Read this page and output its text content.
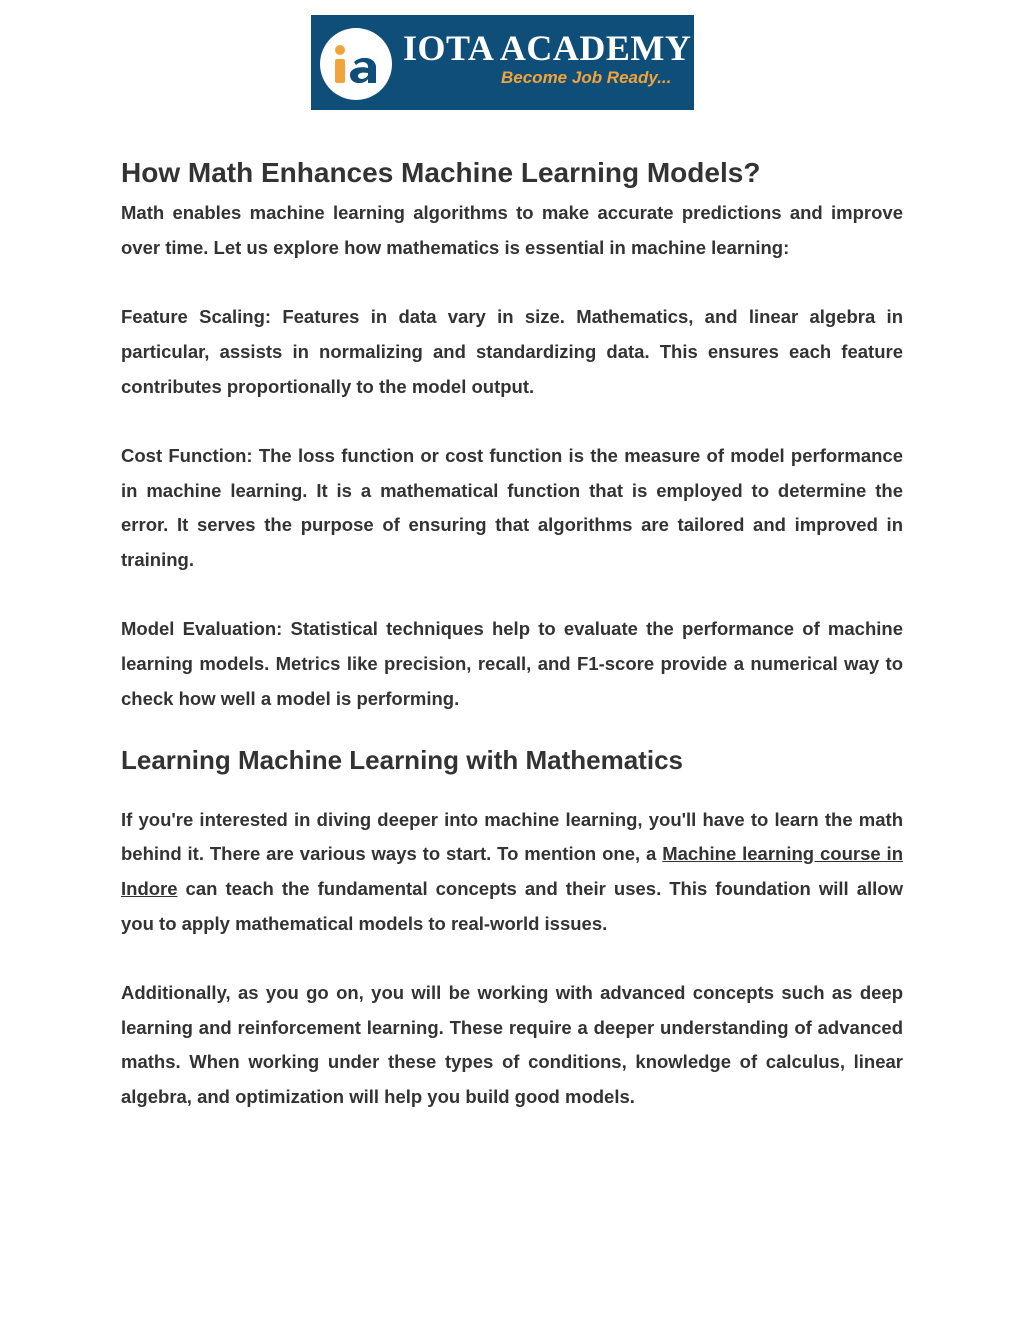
IOTA ACADEMY
Become Job Ready...
How Math Enhances Machine Learning Models?

Math enables machine learning algorithms to make accurate predictions and improve over time. Let us explore how mathematics is essential in machine learning:

Feature Scaling: Features in data vary in size. Mathematics, and linear algebra in particular, assists in normalizing and standardizing data. This ensures each feature contributes proportionally to the model output.

Cost Function: The loss function or cost function is the measure of model performance in machine learning. It is a mathematical function that is employed to determine the error. It serves the purpose of ensuring that algorithms are tailored and improved in training.

Model Evaluation: Statistical techniques help to evaluate the performance of machine learning models. Metrics like precision, recall, and F1-score provide a numerical way to check how well a model is performing.

Learning Machine Learning with Mathematics

If you're interested in diving deeper into machine learning, you'll have to learn the math behind it. There are various ways to start. To mention one, a Machine learning course in Indore can teach the fundamental concepts and their uses. This foundation will allow you to apply mathematical models to real-world issues.

Additionally, as you go on, you will be working with advanced concepts such as deep learning and reinforcement learning. These require a deeper understanding of advanced maths. When working under these types of conditions, knowledge of calculus, linear algebra, and optimization will help you build good models.
